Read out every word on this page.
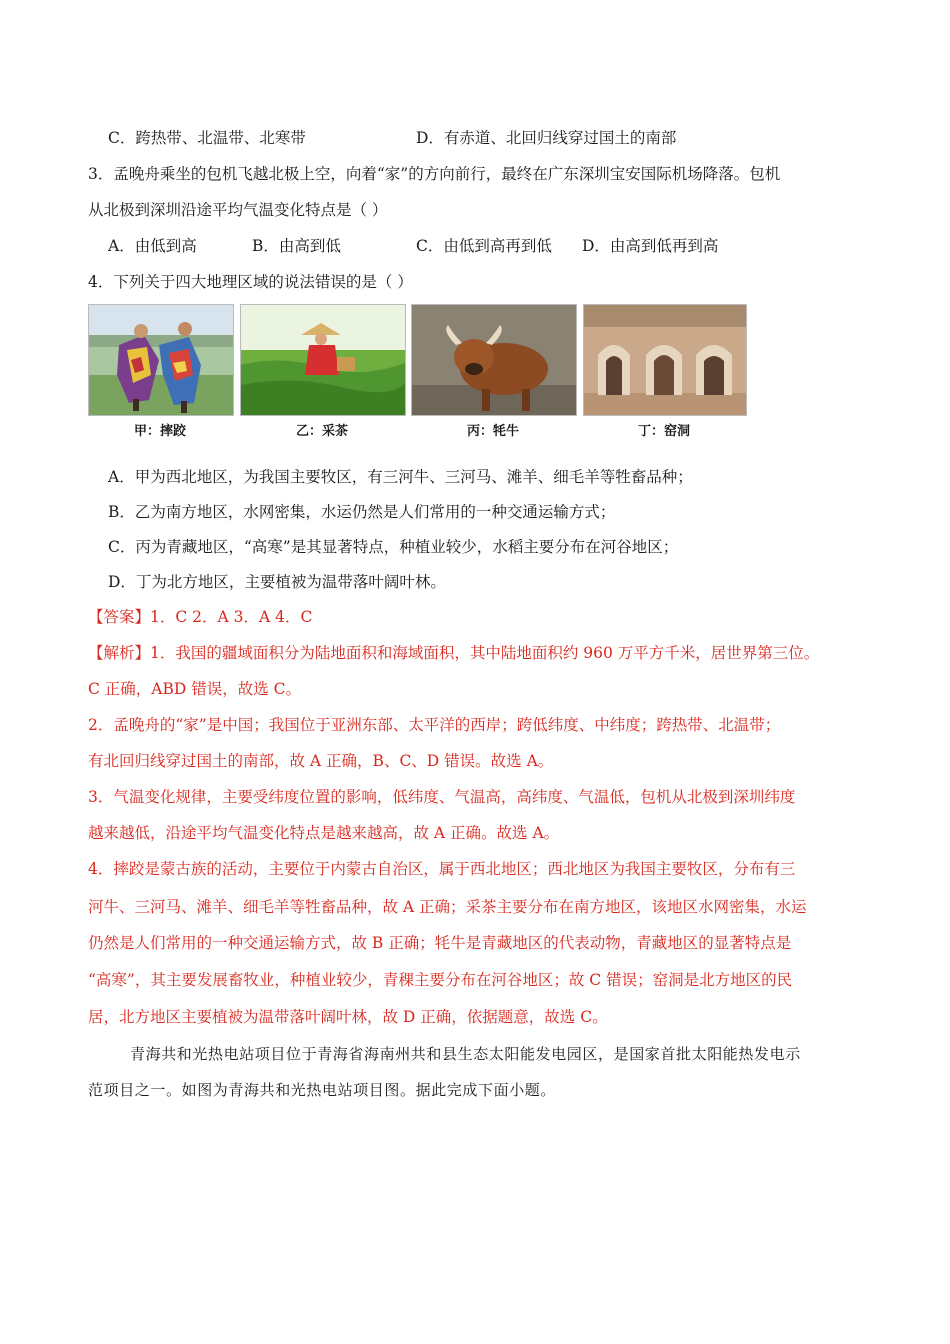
C．跨热带、北温带、北寒带	D．有赤道、北回归线穿过国土的南部
3．孟晚舟乘坐的包机飞越北极上空，向着“家”的方向前行，最终在广东深圳宝安国际机场降落。包机
从北极到深圳沿途平均气温变化特点是（ ）
A．由低到高	B．由高到低	C．由低到高再到低 D．由高到低再到高
4．下列关于四大地理区域的说法错误的是（ ）
甲：摔跤	乙：采茶	丙：牦牛	丁：窑洞
A．甲为西北地区，为我国主要牧区，有三河牛、三河马、滩羊、细毛羊等牲畜品种；
B．乙为南方地区，水网密集，水运仍然是人们常用的一种交通运输方式；
C．丙为青藏地区，“高寒”是其显著特点，种植业较少，水稻主要分布在河谷地区；
D．丁为北方地区，主要植被为温带落叶阔叶林。
【答案】1．C 2．A 3．A 4．C
【解析】1．我国的疆域面积分为陆地面积和海域面积，其中陆地面积约 960 万平方千米，居世界第三位。
C 正确，ABD 错误，故选 C。
2．孟晚舟的“家”是中国；我国位于亚洲东部、太平洋的西岸；跨低纬度、中纬度；跨热带、北温带；
有北回归线穿过国土的南部，故 A 正确，B、C、D 错误。故选 A。
3．气温变化规律，主要受纬度位置的影响，低纬度、气温高，高纬度、气温低，包机从北极到深圳纬度
越来越低，沿途平均气温变化特点是越来越高，故 A 正确。故选 A。
4．摔跤是蒙古族的活动，主要位于内蒙古自治区，属于西北地区；西北地区为我国主要牧区，分布有三
河牛、三河马、滩羊、细毛羊等牲畜品种，故 A 正确；采茶主要分布在南方地区，该地区水网密集，水运
仍然是人们常用的一种交通运输方式，故 B 正确；牦牛是青藏地区的代表动物，青藏地区的显著特点是
“高寒”，其主要发展畜牧业，种植业较少，青稞主要分布在河谷地区；故 C 错误；窑洞是北方地区的民
居，北方地区主要植被为温带落叶阔叶林，故 D 正确，依据题意，故选 C。
青海共和光热电站项目位于青海省海南州共和县生态太阳能发电园区，是国家首批太阳能热发电示
范项目之一。如图为青海共和光热电站项目图。据此完成下面小题。
